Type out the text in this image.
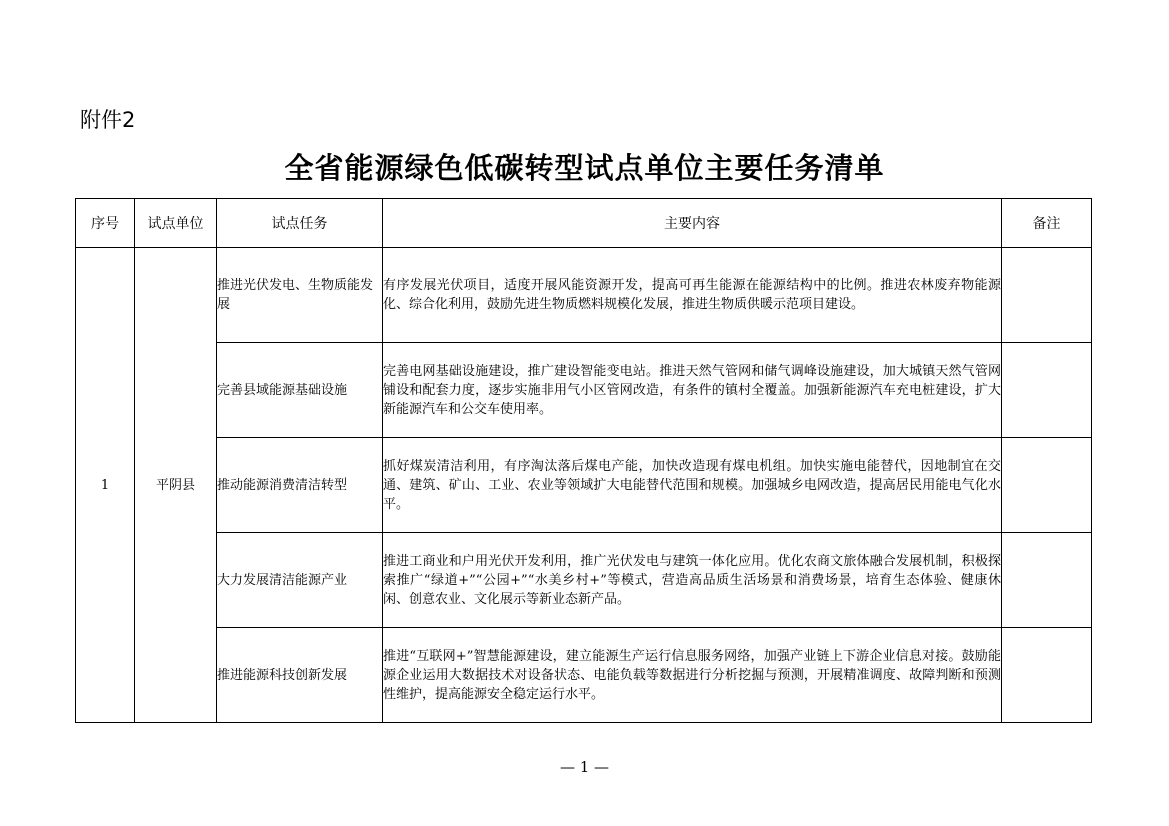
附件2
全省能源绿色低碳转型试点单位主要任务清单
序号	试点单位	试点任务	主要内容	备注
1	平阴县	推进光伏发电、生物质能发展	有序发展光伏项目，适度开展风能资源开发，提高可再生能源在能源结构中的比例。推进农林废弃物能源化、综合化利用，鼓励先进生物质燃料规模化发展，推进生物质供暖示范项目建设。	
		完善县域能源基础设施	完善电网基础设施建设，推广建设智能变电站。推进天然气管网和储气调峰设施建设，加大城镇天然气管网铺设和配套力度，逐步实施非用气小区管网改造，有条件的镇村全覆盖。加强新能源汽车充电桩建设，扩大新能源汽车和公交车使用率。	
		推动能源消费清洁转型	抓好煤炭清洁利用，有序淘汰落后煤电产能，加快改造现有煤电机组。加快实施电能替代，因地制宜在交通、建筑、矿山、工业、农业等领域扩大电能替代范围和规模。加强城乡电网改造，提高居民用能电气化水平。	
		大力发展清洁能源产业	推进工商业和户用光伏开发利用，推广光伏发电与建筑一体化应用。优化农商文旅体融合发展机制，积极探索推广“绿道+”“公园+”“水美乡村+”等模式，营造高品质生活场景和消费场景，培育生态体验、健康休闲、创意农业、文化展示等新业态新产品。	
		推进能源科技创新发展	推进“互联网+”智慧能源建设，建立能源生产运行信息服务网络，加强产业链上下游企业信息对接。鼓励能源企业运用大数据技术对设备状态、电能负载等数据进行分析挖掘与预测，开展精准调度、故障判断和预测性维护，提高能源安全稳定运行水平。	
— 1 —
